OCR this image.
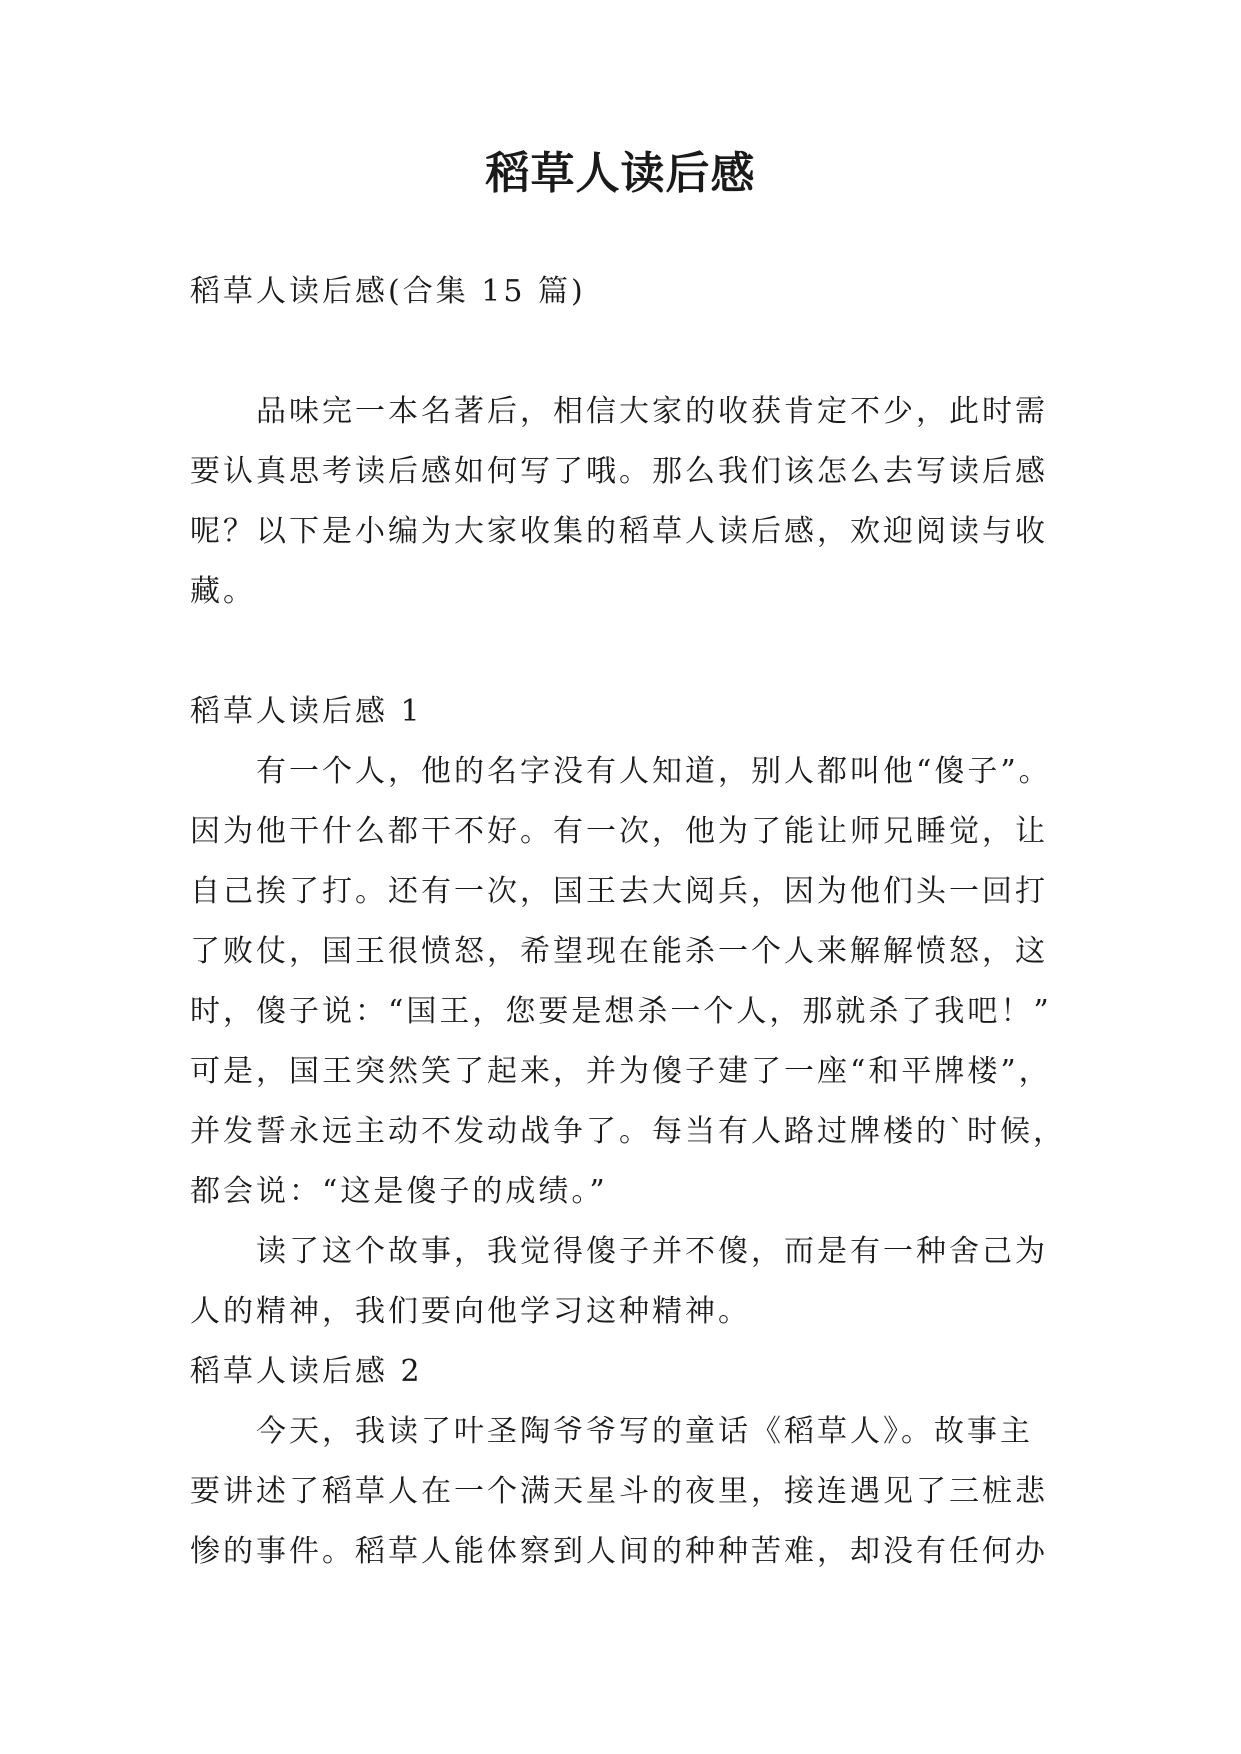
稻草人读后感
稻草人读后感(合集 15 篇)
品味完一本名著后，相信大家的收获肯定不少，此时需
要认真思考读后感如何写了哦。那么我们该怎么去写读后感
呢？以下是小编为大家收集的稻草人读后感，欢迎阅读与收
藏。
稻草人读后感 1
有一个人，他的名字没有人知道，别人都叫他“傻子”。
因为他干什么都干不好。有一次，他为了能让师兄睡觉，让
自己挨了打。还有一次，国王去大阅兵，因为他们头一回打
了败仗，国王很愤怒，希望现在能杀一个人来解解愤怒，这
时，傻子说：“国王，您要是想杀一个人，那就杀了我吧！”
可是，国王突然笑了起来，并为傻子建了一座“和平牌楼”，
并发誓永远主动不发动战争了。每当有人路过牌楼的`时候，
都会说：“这是傻子的成绩。”
读了这个故事，我觉得傻子并不傻，而是有一种舍己为
人的精神，我们要向他学习这种精神。
稻草人读后感 2
今天，我读了叶圣陶爷爷写的童话《稻草人》。故事主
要讲述了稻草人在一个满天星斗的夜里，接连遇见了三桩悲
惨的事件。稻草人能体察到人间的种种苦难，却没有任何办
